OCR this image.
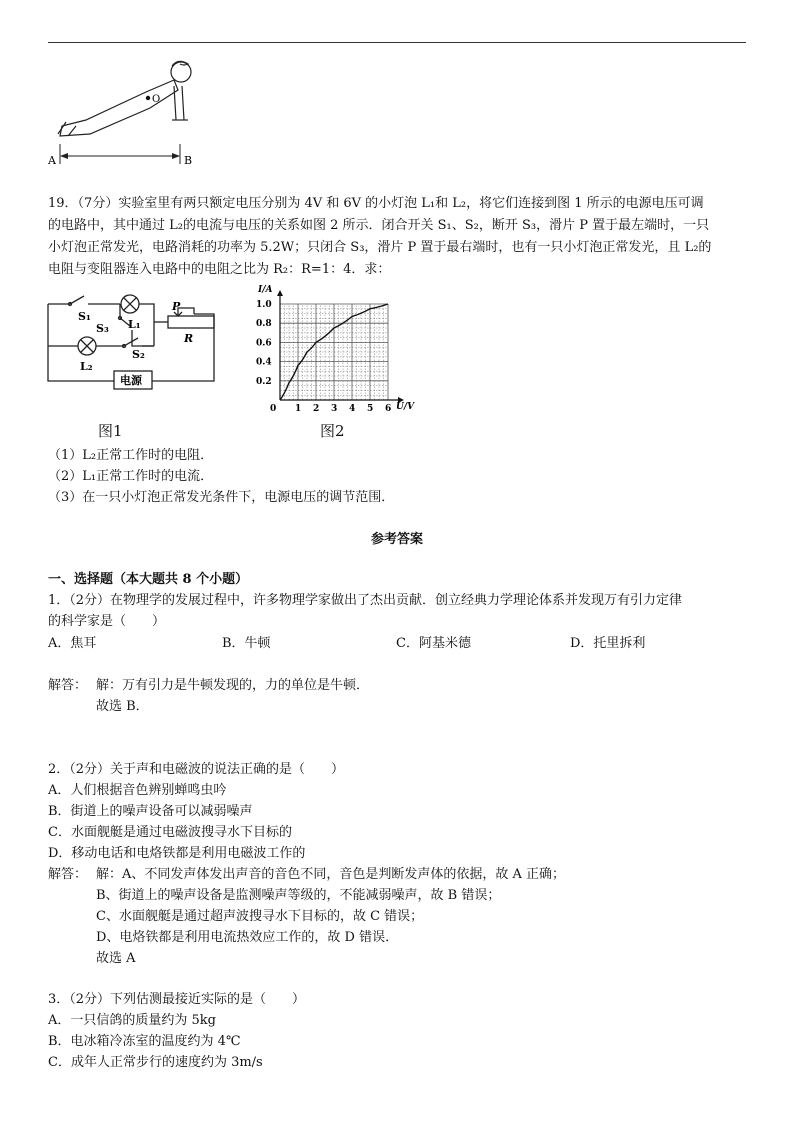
O
A	B
19．（7分）实验室里有两只额定电压分别为 4V 和 6V 的小灯泡 L₁和 L₂，将它们连接到图 1 所示的电源电压可调
的电路中，其中通过 L₂的电流与电压的关系如图 2 所示．闭合开关 S₁、S₂，断开 S₃，滑片 P 置于最左端时，一只
小灯泡正常发光，电路消耗的功率为 5.2W；只闭合 S₃，滑片 P 置于最右端时，也有一只小灯泡正常发光，且 L₂的
电阻与变阻器连入电路中的电阻之比为 R₂：R=1：4．求：
S₁
S₃ L₁
L₂
S₂
P
R
电源
0 1 2 3 4 5 6
0.2
0.4
0.6
0.8
1.0
I/A
U/V
图1	图2
（1）L₂正常工作时的电阻．
（2）L₁正常工作时的电流．
（3）在一只小灯泡正常发光条件下，电源电压的调节范围．
参考答案
一、选择题（本大题共 8 个小题）
1．（2分）在物理学的发展过程中，许多物理学家做出了杰出贡献．创立经典力学理论体系并发现万有引力定律
的科学家是（　　）
A．焦耳	B．牛顿	C．阿基米德	D．托里拆利
解答： 解：万有引力是牛顿发现的，力的单位是牛顿．
故选 B．
2．（2分）关于声和电磁波的说法正确的是（　　）
A．人们根据音色辨别蝉鸣虫吟
B．街道上的噪声设备可以减弱噪声
C．水面舰艇是通过电磁波搜寻水下目标的
D．移动电话和电烙铁都是利用电磁波工作的
解答： 解：A、不同发声体发出声音的音色不同，音色是判断发声体的依据，故 A 正确；
B、街道上的噪声设备是监测噪声等级的，不能减弱噪声，故 B 错误；
C、水面舰艇是通过超声波搜寻水下目标的，故 C 错误；
D、电烙铁都是利用电流热效应工作的，故 D 错误．
故选 A
3．（2分）下列估测最接近实际的是（　　）
A．一只信鸽的质量约为 5kg
B．电冰箱冷冻室的温度约为 4℃
C．成年人正常步行的速度约为 3m/s
